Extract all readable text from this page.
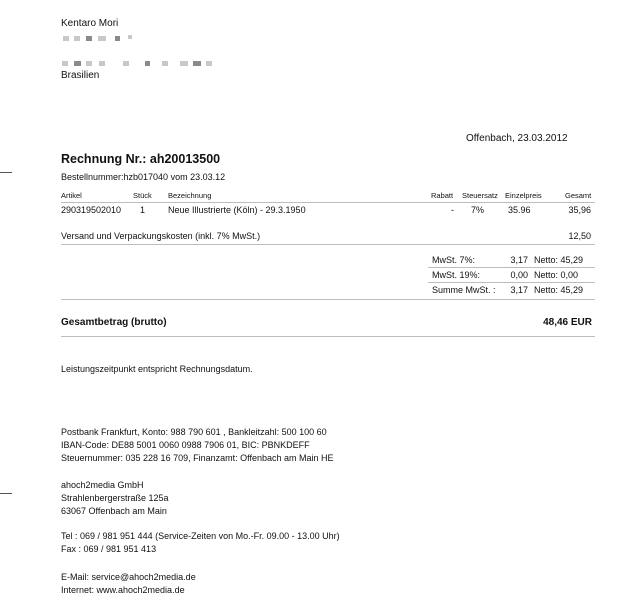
Kentaro Mori
Brasilien
Offenbach, 23.03.2012
Rechnung Nr.: ah20013500
Bestellnummer:hzb017040 vom 23.03.12
Artikel	Stück Bezeichnung	Rabatt Steuersatz Einzelpreis	Gesamt
290319502010 1	Neue Illustrierte (Köln) - 29.3.1950	- 7%	35.96	35,96
Versand und Verpackungskosten (inkl. 7% MwSt.)	12,50
MwSt. 7%:	3,17 Netto: 45,29
MwSt. 19%:	0,00 Netto: 0,00
Summe MwSt. :	3,17 Netto: 45,29
Gesamtbetrag (brutto)	48,46 EUR
Leistungszeitpunkt entspricht Rechnungsdatum.
Postbank Frankfurt, Konto: 988 790 601 , Bankleitzahl: 500 100 60
IBAN-Code: DE88 5001 0060 0988 7906 01, BIC: PBNKDEFF
Steuernummer: 035 228 16 709, Finanzamt: Offenbach am Main HE
ahoch2media GmbH
Strahlenbergerstraße 125a
63067 Offenbach am Main
Tel : 069 / 981 951 444 (Service-Zeiten von Mo.-Fr. 09.00 - 13.00 Uhr)
Fax : 069 / 981 951 413
E-Mail: service@ahoch2media.de
Internet: www.ahoch2media.de
